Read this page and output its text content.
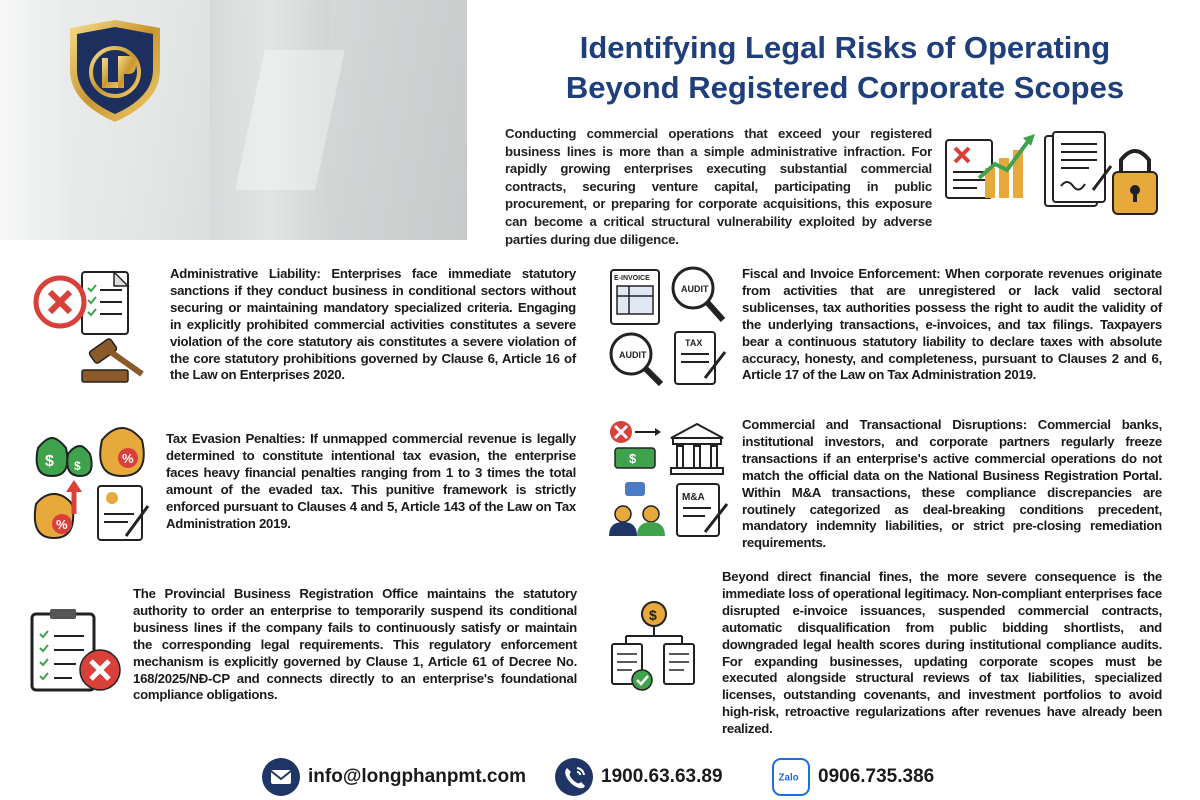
Identifying Legal Risks of Operating
Beyond Registered Corporate Scopes
Conducting commercial operations that exceed your registered business lines is more than a simple administrative infraction. For rapidly growing enterprises executing substantial commercial contracts, securing venture capital, participating in public procurement, or preparing for corporate acquisitions, this exposure can become a critical structural vulnerability exploited by adverse parties during due diligence.
Administrative Liability: Enterprises face immediate statutory sanctions if they conduct business in conditional sectors without securing or maintaining mandatory specialized criteria. Engaging in explicitly prohibited commercial activities constitutes a severe violation of the core statutory ais constitutes a severe violation of the core statutory prohibitions governed by Clause 6, Article 16 of the Law on Enterprises 2020.
E-INVOICE
AUDIT
AUDIT
TAX
Fiscal and Invoice Enforcement: When corporate revenues originate from activities that are unregistered or lack valid sectoral sublicenses, tax authorities possess the right to audit the validity of the underlying transactions, e-invoices, and tax filings. Taxpayers bear a continuous statutory liability to declare taxes with absolute accuracy, honesty, and completeness, pursuant to Clauses 2 and 6, Article 17 of the Law on Tax Administration 2019.
$ $	%
%
Tax Evasion Penalties: If unmapped commercial revenue is legally determined to constitute intentional tax evasion, the enterprise faces heavy financial penalties ranging from 1 to 3 times the total amount of the evaded tax. This punitive framework is strictly enforced pursuant to Clauses 4 and 5, Article 143 of the Law on Tax Administration 2019.
$
M&A
Commercial and Transactional Disruptions: Commercial banks, institutional investors, and corporate partners regularly freeze transactions if an enterprise's active commercial operations do not match the official data on the National Business Registration Portal. Within M&A transactions, these compliance discrepancies are routinely categorized as deal-breaking conditions precedent, mandatory indemnity liabilities, or strict pre-closing remediation requirements.
The Provincial Business Registration Office maintains the statutory authority to order an enterprise to temporarily suspend its conditional business lines if the company fails to continuously satisfy or maintain the corresponding legal requirements. This regulatory enforcement mechanism is explicitly governed by Clause 1, Article 61 of Decree No. 168/2025/NĐ-CP and connects directly to an enterprise's foundational compliance obligations.
$
Beyond direct financial fines, the more severe consequence is the immediate loss of operational legitimacy. Non-compliant enterprises face disrupted e-invoice issuances, suspended commercial contracts, automatic disqualification from public bidding shortlists, and downgraded legal health scores during institutional compliance audits. For expanding businesses, updating corporate scopes must be executed alongside structural reviews of tax liabilities, specialized licenses, outstanding covenants, and investment portfolios to avoid high-risk, retroactive regularizations after revenues have already been realized.
info@longphanpmt.com	1900.63.63.89	Zalo 0906.735.386
